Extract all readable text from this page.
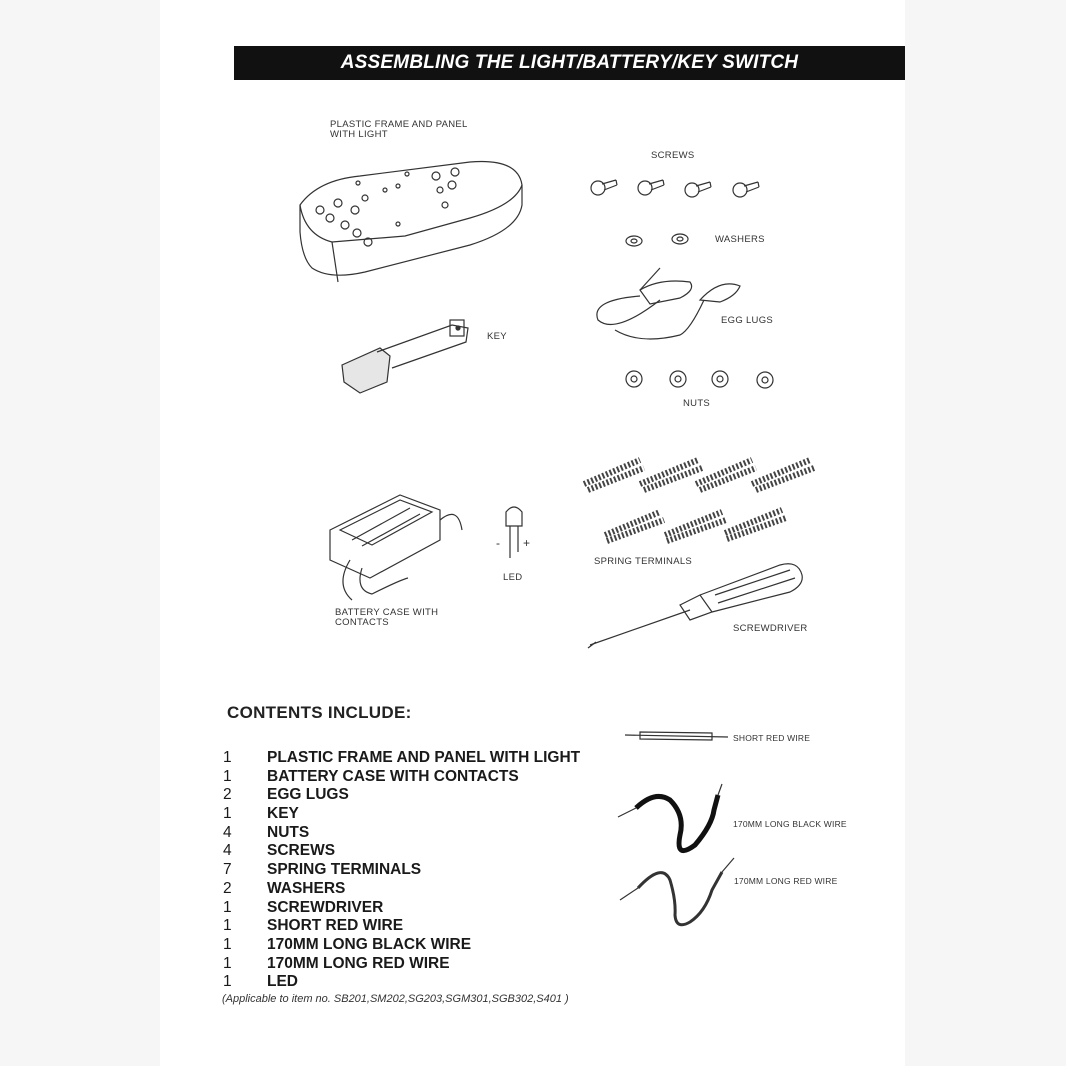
ASSEMBLING THE LIGHT/BATTERY/KEY SWITCH
PLASTIC FRAME AND PANEL
WITH LIGHT
SCREWS
WASHERS
EGG LUGS
KEY
NUTS
- +
LED
SPRING TERMINALS
BATTERY CASE WITH
CONTACTS
SCREWDRIVER
SHORT RED WIRE
170MM LONG BLACK WIRE
170MM LONG RED WIRE
CONTENTS INCLUDE:
1 PLASTIC FRAME AND PANEL WITH LIGHT
1 BATTERY CASE WITH CONTACTS
2 EGG LUGS
1 KEY
4 NUTS
4 SCREWS
7 SPRING TERMINALS
2 WASHERS
1 SCREWDRIVER
1 SHORT RED WIRE
1 170MM LONG BLACK WIRE
1 170MM LONG RED WIRE
1 LED
(Applicable to item no. SB201,SM202,SG203,SGM301,SGB302,S401 )
